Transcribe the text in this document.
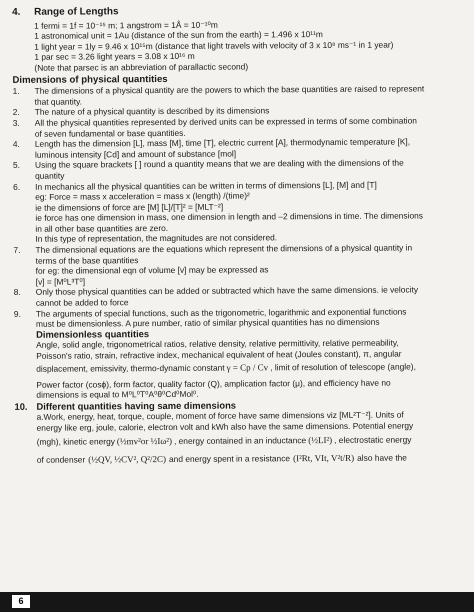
4.	Range of Lengths
1 fermi = 1f = 10⁻¹⁵ m; 1 angstrom = 1Å = 10⁻¹⁰m
1 astronomical unit = 1Au (distance of the sun from the earth) = 1.496 x 10¹¹m
1 light year = 1ly = 9.46 x 10¹⁵m (distance that light travels with velocity of 3 x 10⁸ ms⁻¹ in 1 year)
1 par sec = 3.26 light years = 3.08 x 10¹⁶ m
(Note that parsec is an abbreviation of parallactic second)
Dimensions of physical quantities
1.	The dimensions of a physical quantity are the powers to which the base quantities are raised to represent
that quantity.
2.	The nature of a physical quantity is described by its dimensions
3.	All the physical quantities represented by derived units can be expressed in terms of some combination
of seven fundamental or base quantities.
4.	Length has the dimension [L], mass [M], time [T], electric current [A], thermodynamic temperature [K],
luminous intensity [Cd] and amount of substance [mol]
5.	Using the square brackets [ ] round a quantity means that we are dealing with the dimensions of the
quantity
6.	In mechanics all the physical quantities can be written in terms of dimensions [L], [M] and [T]
eg: Force = mass x acceleration = mass x (length) /(time)²
ie the dimensions of force are [M] [L]/[T]² = [MLT⁻²]
ie force has one dimension in mass, one dimension in length and –2 dimensions in time. The dimensions
in all other base quantities are zero.
In this type of representation, the magnitudes are not considered.
7.	The dimensional equations are the equations which represent the dimensions of a physical quantity in
terms of the base quantities
for eg: the dimensional eqn of volume [v] may be expressed as
[v] = [M⁰L³T⁰]
8.	Only those physical quantities can be added or subtracted which have the same dimensions. ie velocity
cannot be added to force
9.	The arguments of special functions, such as the trigonometric, logarithmic and exponential functions
must be dimensionless. A pure number, ratio of similar physical quantities has no dimensions
Dimensionless quantities
Angle, solid angle, trigonometrical ratios, relative density, relative permittivity, relative permeability,
Poisson's ratio, strain, refractive index, mechanical equivalent of heat (Joules constant), π, angular
displacement, emissivity, thermo-dynamic constant γ = Cp / Cv , limit of resolution of telescope (angle),
Power factor (cosϕ), form factor, quality factor (Q), amplication factor (μ), and efficiency have no
dimensions is equal to M⁰L⁰T⁰A⁰θ⁰Cd⁰Mol⁰.
10. Different quantities having same dimensions
a.Work, energy, heat, torque, couple, moment of force have same dimensions viz [ML²T⁻²]. Units of
energy like erg, joule, calorie, electron volt and kWh also have the same dimensions. Potential energy
(mgh), kinetic energy (½mv²or ½Iω²) , energy contained in an inductance (½LI²) , electrostatic energy
of condenser (½QV, ½CV², Q²/2C) and energy spent in a resistance (I²Rt, VIt, V²t/R) also have the
6
